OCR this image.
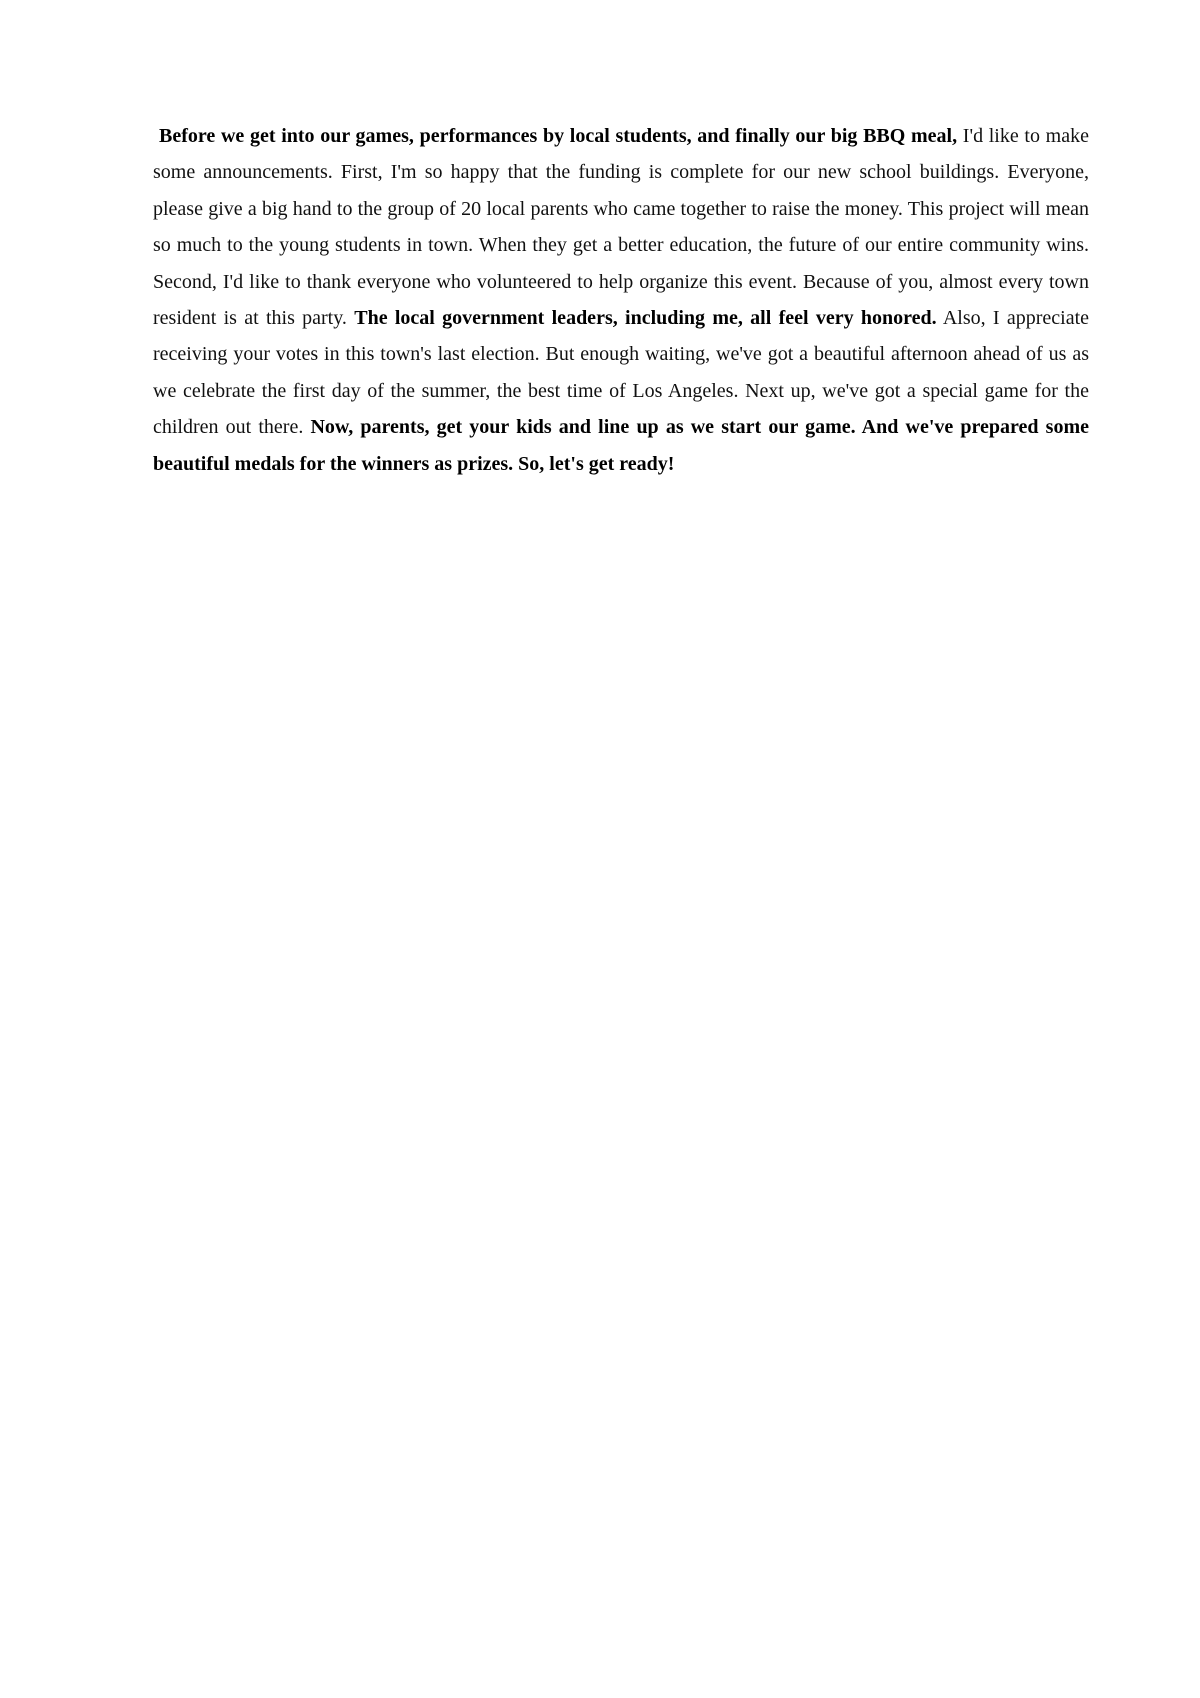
Before we get into our games, performances by local students, and finally our big BBQ meal, I'd like to make some announcements. First, I'm so happy that the funding is complete for our new school buildings. Everyone, please give a big hand to the group of 20 local parents who came together to raise the money. This project will mean so much to the young students in town. When they get a better education, the future of our entire community wins. Second, I'd like to thank everyone who volunteered to help organize this event. Because of you, almost every town resident is at this party. The local government leaders, including me, all feel very honored. Also, I appreciate receiving your votes in this town's last election. But enough waiting, we've got a beautiful afternoon ahead of us as we celebrate the first day of the summer, the best time of Los Angeles. Next up, we've got a special game for the children out there. Now, parents, get your kids and line up as we start our game. And we've prepared some beautiful medals for the winners as prizes. So, let's get ready!
